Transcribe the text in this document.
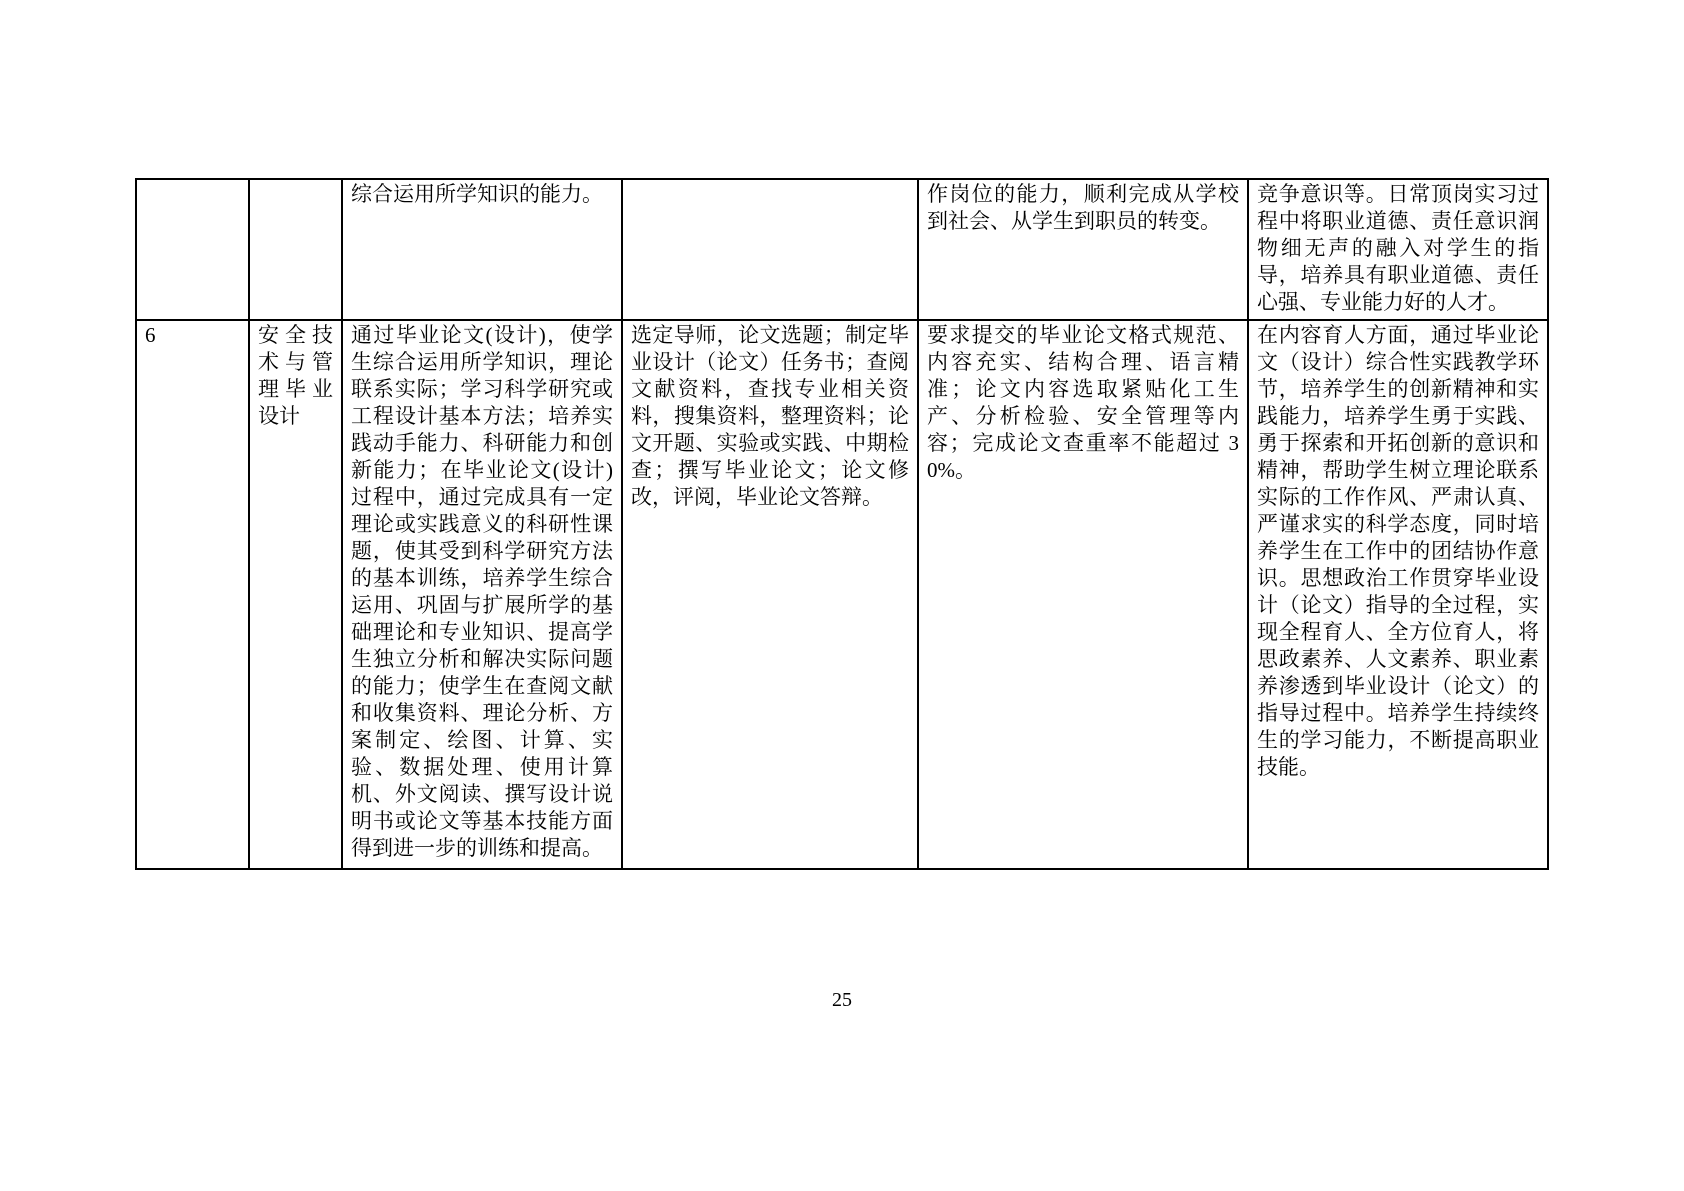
		综合运用所学知识的能力。		作岗位的能力，顺利完成从学校到社会、从学生到职员的转变。	竞争意识等。日常顶岗实习过程中将职业道德、责任意识润物细无声的融入对学生的指导，培养具有职业道德、责任心强、专业能力好的人才。
6	安全技术与管理毕业设计	通过毕业论文(设计)，使学生综合运用所学知识，理论联系实际；学习科学研究或工程设计基本方法；培养实践动手能力、科研能力和创新能力；在毕业论文(设计)过程中，通过完成具有一定理论或实践意义的科研性课题，使其受到科学研究方法的基本训练，培养学生综合运用、巩固与扩展所学的基础理论和专业知识、提高学生独立分析和解决实际问题的能力；使学生在查阅文献和收集资料、理论分析、方案制定、绘图、计算、实验、数据处理、使用计算机、外文阅读、撰写设计说明书或论文等基本技能方面得到进一步的训练和提高。	选定导师，论文选题；制定毕业设计（论文）任务书；查阅文献资料，查找专业相关资料，搜集资料，整理资料；论文开题、实验或实践、中期检查；撰写毕业论文；论文修改，评阅，毕业论文答辩。	要求提交的毕业论文格式规范、内容充实、结构合理、语言精准；论文内容选取紧贴化工生产、分析检验、安全管理等内容；完成论文查重率不能超过 30%。	在内容育人方面，通过毕业论文（设计）综合性实践教学环节，培养学生的创新精神和实践能力，培养学生勇于实践、勇于探索和开拓创新的意识和精神，帮助学生树立理论联系实际的工作作风、严肃认真、严谨求实的科学态度，同时培养学生在工作中的团结协作意识。思想政治工作贯穿毕业设计（论文）指导的全过程，实现全程育人、全方位育人，将思政素养、人文素养、职业素养渗透到毕业设计（论文）的指导过程中。培养学生持续终生的学习能力，不断提高职业技能。
25
